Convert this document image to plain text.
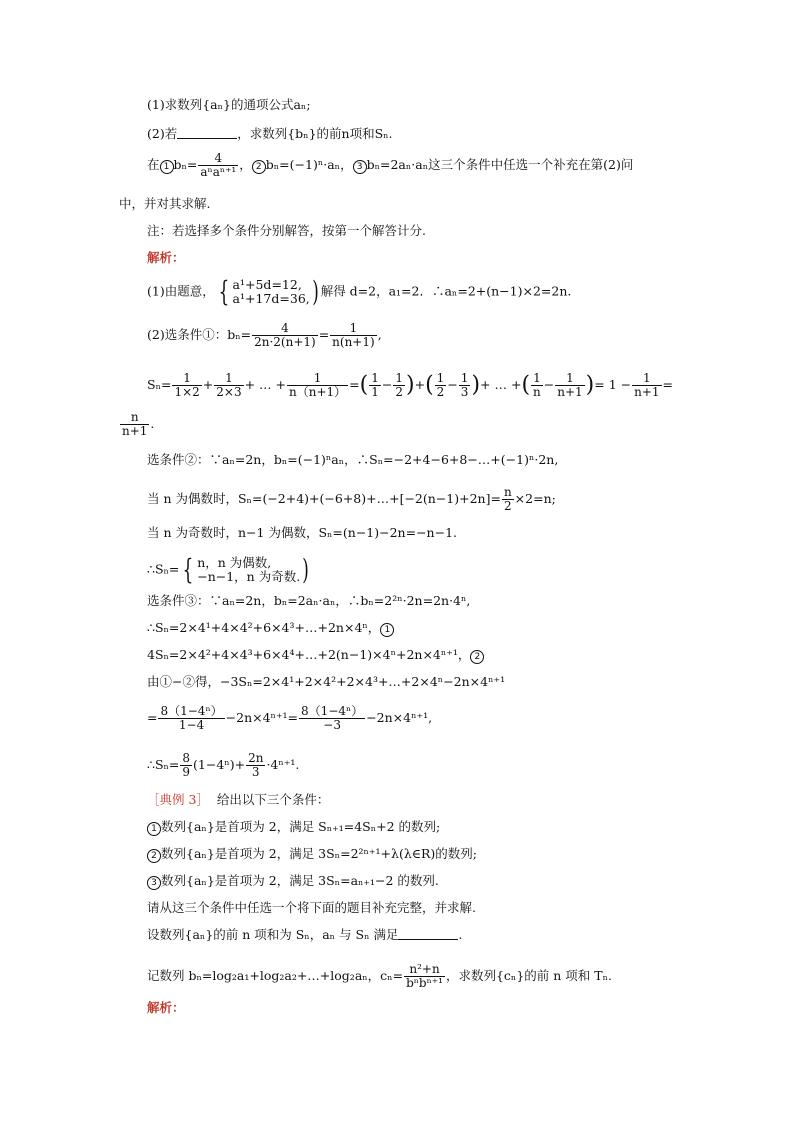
(1)求数列{aₙ}的通项公式aₙ;
(2)若	，求数列{bₙ}的前n项和Sₙ.
在 1 $b_n= \frac{4}{\text{aⁿaⁿ⁺¹}}$ ， 2 bₙ=(−1)ⁿ·aₙ， 3 bₙ=2aₙ·aₙ这三个条件中任选一个补充在第(2)问
中，并对其求解.
注：若选择多个条件分别解答，按第一个解答计分.
解析：
(1)由题意， { a¹+5d=12,
a¹+17d=36, ) 解得 d=2，a₁=2．∴aₙ=2+(n−1)×2=2n.
(2)选条件①：$b_n= \frac{4}{2n\cdot 2(n+1)} = \frac{1}{n(n+1)}$ ,
$S_n= \frac{1}{1\times 2} + \frac{1}{2\times 3}$ + … + $\frac{1}{n(n+1)}$ =( $\frac{1}{1} - \frac{1}{2}$ )+( $\frac{1}{2} - \frac{1}{3}$ )+ … +( $\frac{1}{n} - \frac{1}{n+1}$ )= $1 - \frac{1}{n+1}$ =
$\frac{n}{n+1}$ .
选条件②：∵aₙ=2n，bₙ=(−1)ⁿaₙ，∴Sₙ=−2+4−6+8−…+(−1)ⁿ·2n,
当 n 为偶数时，Sₙ=(−2+4)+(−6+8)+…+[−2(n−1)+2n]= $\frac{n}{2} \times 2=n$;
当 n 为奇数时，n−1 为偶数，Sₙ=(n−1)−2n=−n−1.
∴Sₙ= { n，n 为偶数,
−n−1，n 为奇数. )
选条件③：∵aₙ=2n，bₙ=2aₙ·aₙ，∴bₙ=2²ⁿ·2n=2n·4ⁿ,
∴Sₙ=2×4¹+4×4²+6×4³+…+2n×4ⁿ， 1
4Sₙ=2×4²+4×4³+6×4⁴+…+2(n−1)×4ⁿ+2n×4ⁿ⁺¹， 2
由①−②得，−3Sₙ=2×4¹+2×4²+2×4³+…+2×4ⁿ−2n×4ⁿ⁺¹
= $\frac{\text{8（1−4ⁿ）}}{1-4} -2n\times 4^{n+1}= \frac{\text{8（1−4ⁿ）}}{-3} -2n\times 4^{n+1}$,
∴Sₙ= $\frac{8}{9} (1-4^n)+ \frac{2n}{3} \cdot 4^{n+1}$.
［典例 3］ 给出以下三个条件：
1 数列{aₙ}是首项为 2，满足 Sₙ₊₁=4Sₙ+2 的数列;
2 数列{aₙ}是首项为 2，满足 3Sₙ=2²ⁿ⁺¹+λ(λ∈R)的数列;
3 数列{aₙ}是首项为 2，满足 3Sₙ=aₙ₊₁−2 的数列.
请从这三个条件中任选一个将下面的题目补充完整，并求解.
设数列{aₙ}的前 n 项和为 Sₙ，aₙ 与 Sₙ 满足	.
记数列 bₙ=log₂a₁+log₂a₂+…+log₂aₙ，$c_n= \frac{\text{n²+n}}{\text{bⁿbⁿ⁺¹}}$ ，求数列{cₙ}的前 n 项和 Tₙ.
解析：
